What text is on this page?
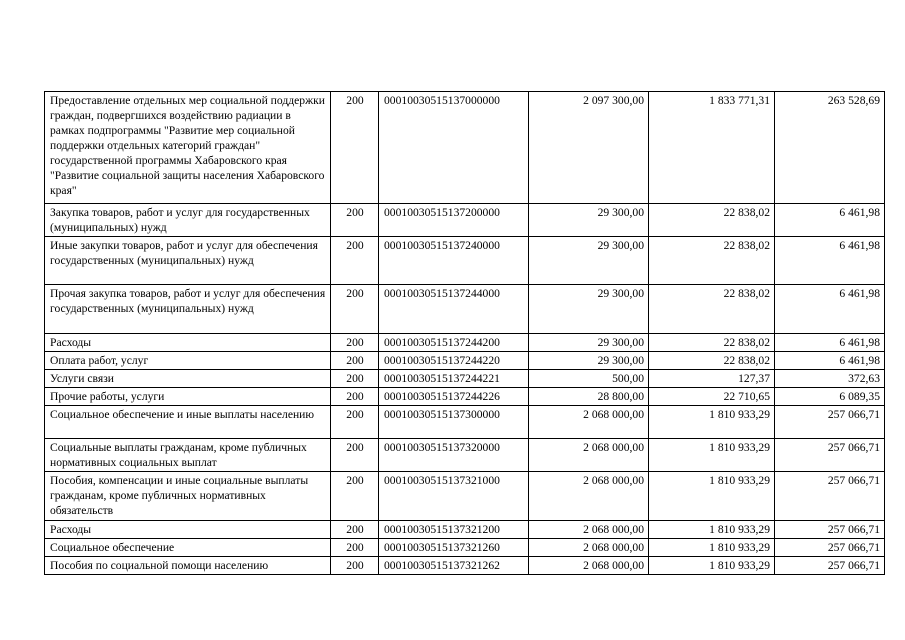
Предоставление отдельных мер социальной поддержки граждан, подвергшихся воздействию радиации в рамках подпрограммы "Развитие мер социальной поддержки отдельных категорий граждан" государственной программы Хабаровского края "Развитие социальной защиты населения Хабаровского края"	200	00010030515137000000	2 097 300,00	1 833 771,31	263 528,69
Закупка товаров, работ и услуг для государственных (муниципальных) нужд	200	00010030515137200000	29 300,00	22 838,02	6 461,98
Иные закупки товаров, работ и услуг для обеспечения государственных (муниципальных) нужд	200	00010030515137240000	29 300,00	22 838,02	6 461,98
Прочая закупка товаров, работ и услуг для обеспечения государственных (муниципальных) нужд	200	00010030515137244000	29 300,00	22 838,02	6 461,98
Расходы	200	00010030515137244200	29 300,00	22 838,02	6 461,98
Оплата работ, услуг	200	00010030515137244220	29 300,00	22 838,02	6 461,98
Услуги связи	200	00010030515137244221	500,00	127,37	372,63
Прочие работы, услуги	200	00010030515137244226	28 800,00	22 710,65	6 089,35
Социальное обеспечение и иные выплаты населению	200	00010030515137300000	2 068 000,00	1 810 933,29	257 066,71
Социальные выплаты гражданам, кроме публичных нормативных социальных выплат	200	00010030515137320000	2 068 000,00	1 810 933,29	257 066,71
Пособия, компенсации и иные социальные выплаты гражданам, кроме публичных нормативных обязательств	200	00010030515137321000	2 068 000,00	1 810 933,29	257 066,71
Расходы	200	00010030515137321200	2 068 000,00	1 810 933,29	257 066,71
Социальное обеспечение	200	00010030515137321260	2 068 000,00	1 810 933,29	257 066,71
Пособия по социальной помощи населению	200	00010030515137321262	2 068 000,00	1 810 933,29	257 066,71
